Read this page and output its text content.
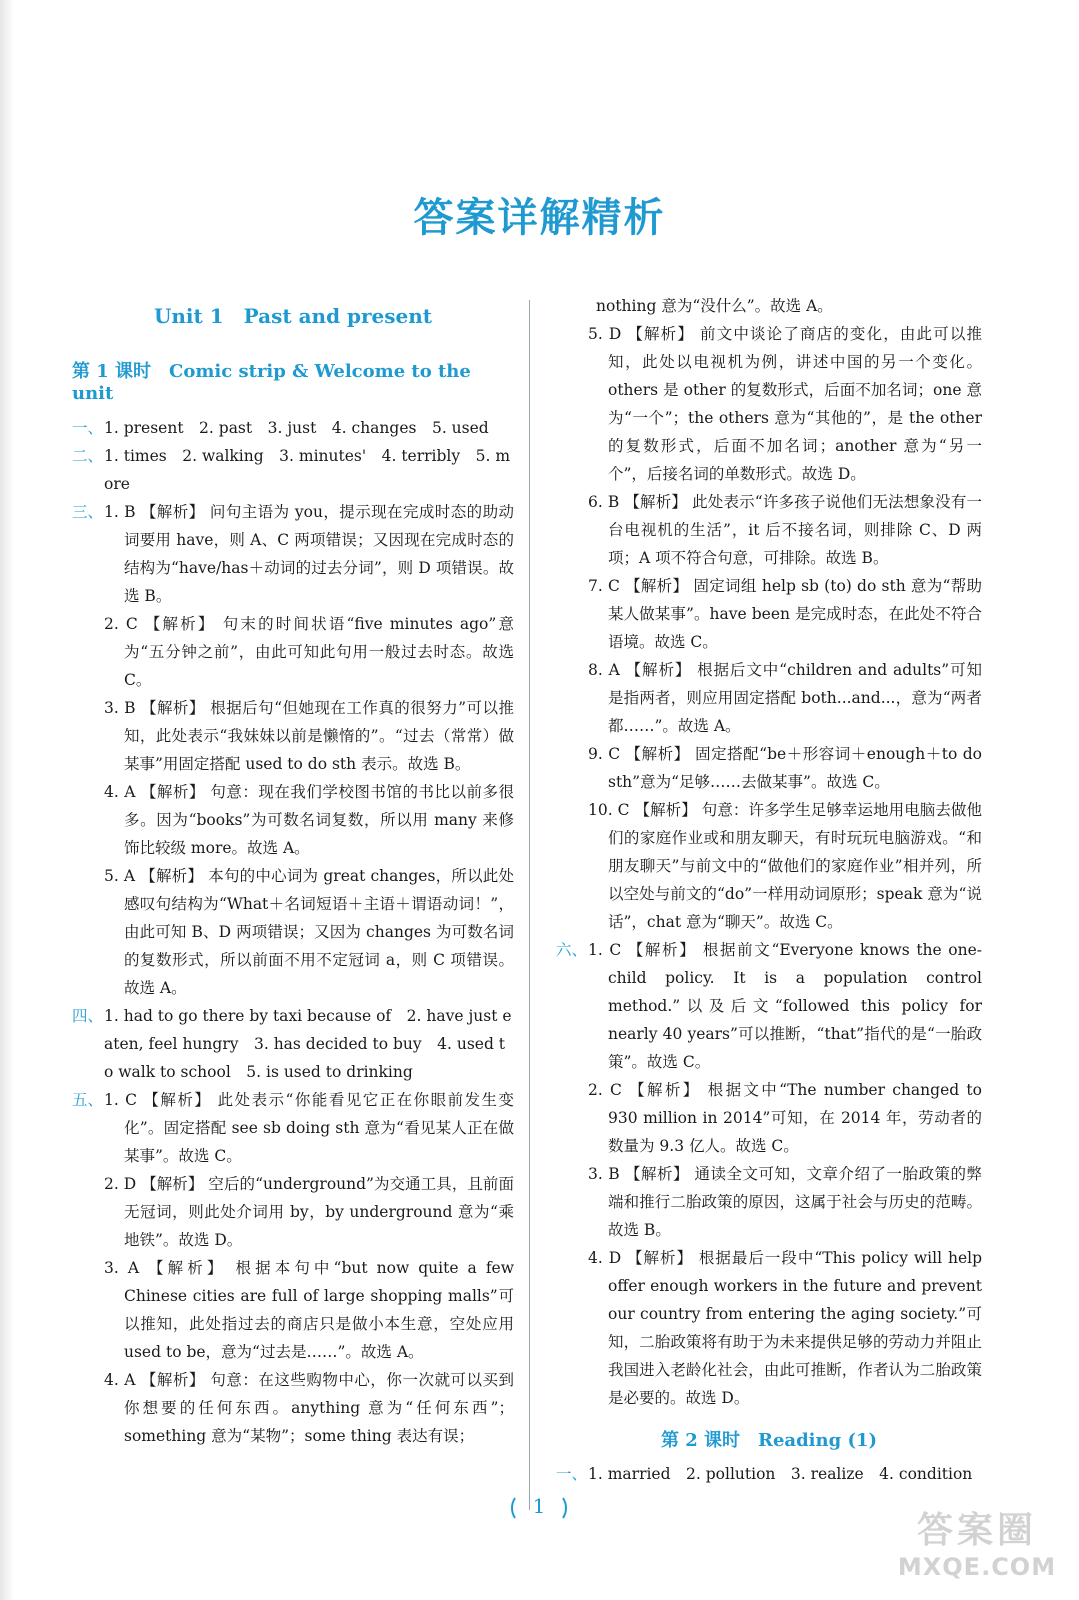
答案详解精析
Unit 1　Past and present
第 1 课时　Comic strip & Welcome to the unit
一、 1. present　2. past　3. just　4. changes　5. used
二、 1. times　2. walking　3. minutes'　4. terribly　5. more
三、 1. B 【解析】 问句主语为 you，提示现在完成时态的助动词要用 have，则 A、C 两项错误；又因现在完成时态的结构为“have/has＋动词的过去分词”，则 D 项错误。故选 B。
2. C 【解析】 句末的时间状语“five minutes ago”意为“五分钟之前”，由此可知此句用一般过去时态。故选 C。
3. B 【解析】 根据后句“但她现在工作真的很努力”可以推知，此处表示“我妹妹以前是懒惰的”。“过去（常常）做某事”用固定搭配 used to do sth 表示。故选 B。
4. A 【解析】 句意：现在我们学校图书馆的书比以前多很多。因为“books”为可数名词复数，所以用 many 来修饰比较级 more。故选 A。
5. A 【解析】 本句的中心词为 great changes，所以此处感叹句结构为“What＋名词短语＋主语＋谓语动词！”，由此可知 B、D 两项错误；又因为 changes 为可数名词的复数形式，所以前面不用不定冠词 a，则 C 项错误。故选 A。
四、 1. had to go there by taxi because of　2. have just eaten, feel hungry　3. has decided to buy　4. used to walk to school　5. is used to drinking
五、 1. C 【解析】 此处表示“你能看见它正在你眼前发生变化”。固定搭配 see sb doing sth 意为“看见某人正在做某事”。故选 C。
2. D 【解析】 空后的“underground”为交通工具，且前面无冠词，则此处介词用 by，by underground 意为“乘地铁”。故选 D。
3. A 【解析】 根据本句中“but now quite a few Chinese cities are full of large shopping malls”可以推知，此处指过去的商店只是做小本生意，空处应用 used to be，意为“过去是……”。故选 A。
4. A 【解析】 句意：在这些购物中心，你一次就可以买到你想要的任何东西。anything 意为“任何东西”；something 意为“某物”；some thing 表达有误；
nothing 意为“没什么”。故选 A。
5. D 【解析】 前文中谈论了商店的变化，由此可以推知，此处以电视机为例，讲述中国的另一个变化。others 是 other 的复数形式，后面不加名词；one 意为“一个”；the others 意为“其他的”，是 the other 的复数形式，后面不加名词；another 意为“另一个”，后接名词的单数形式。故选 D。
6. B 【解析】 此处表示“许多孩子说他们无法想象没有一台电视机的生活”，it 后不接名词，则排除 C、D 两项；A 项不符合句意，可排除。故选 B。
7. C 【解析】 固定词组 help sb (to) do sth 意为“帮助某人做某事”。have been 是完成时态，在此处不符合语境。故选 C。
8. A 【解析】 根据后文中“children and adults”可知是指两者，则应用固定搭配 both...and...，意为“两者都……”。故选 A。
9. C 【解析】 固定搭配“be＋形容词＋enough＋to do sth”意为“足够……去做某事”。故选 C。
10. C 【解析】 句意：许多学生足够幸运地用电脑去做他们的家庭作业或和朋友聊天，有时玩玩电脑游戏。“和朋友聊天”与前文中的“做他们的家庭作业”相并列，所以空处与前文的“do”一样用动词原形；speak 意为“说话”，chat 意为“聊天”。故选 C。
六、 1. C 【解析】 根据前文“Everyone knows the one-child policy. It is a population control method.”以及后文“followed this policy for nearly 40 years”可以推断，“that”指代的是“一胎政策”。故选 C。
2. C 【解析】 根据文中“The number changed to 930 million in 2014”可知，在 2014 年，劳动者的数量为 9.3 亿人。故选 C。
3. B 【解析】 通读全文可知，文章介绍了一胎政策的弊端和推行二胎政策的原因，这属于社会与历史的范畴。故选 B。
4. D 【解析】 根据最后一段中“This policy will help offer enough workers in the future and prevent our country from entering the aging society.”可知，二胎政策将有助于为未来提供足够的劳动力并阻止我国进入老龄化社会，由此可推断，作者认为二胎政策是必要的。故选 D。
第 2 课时　Reading (1)
一、 1. married　2. pollution　3. realize　4. condition
1
答案圈
MXQE.COM
